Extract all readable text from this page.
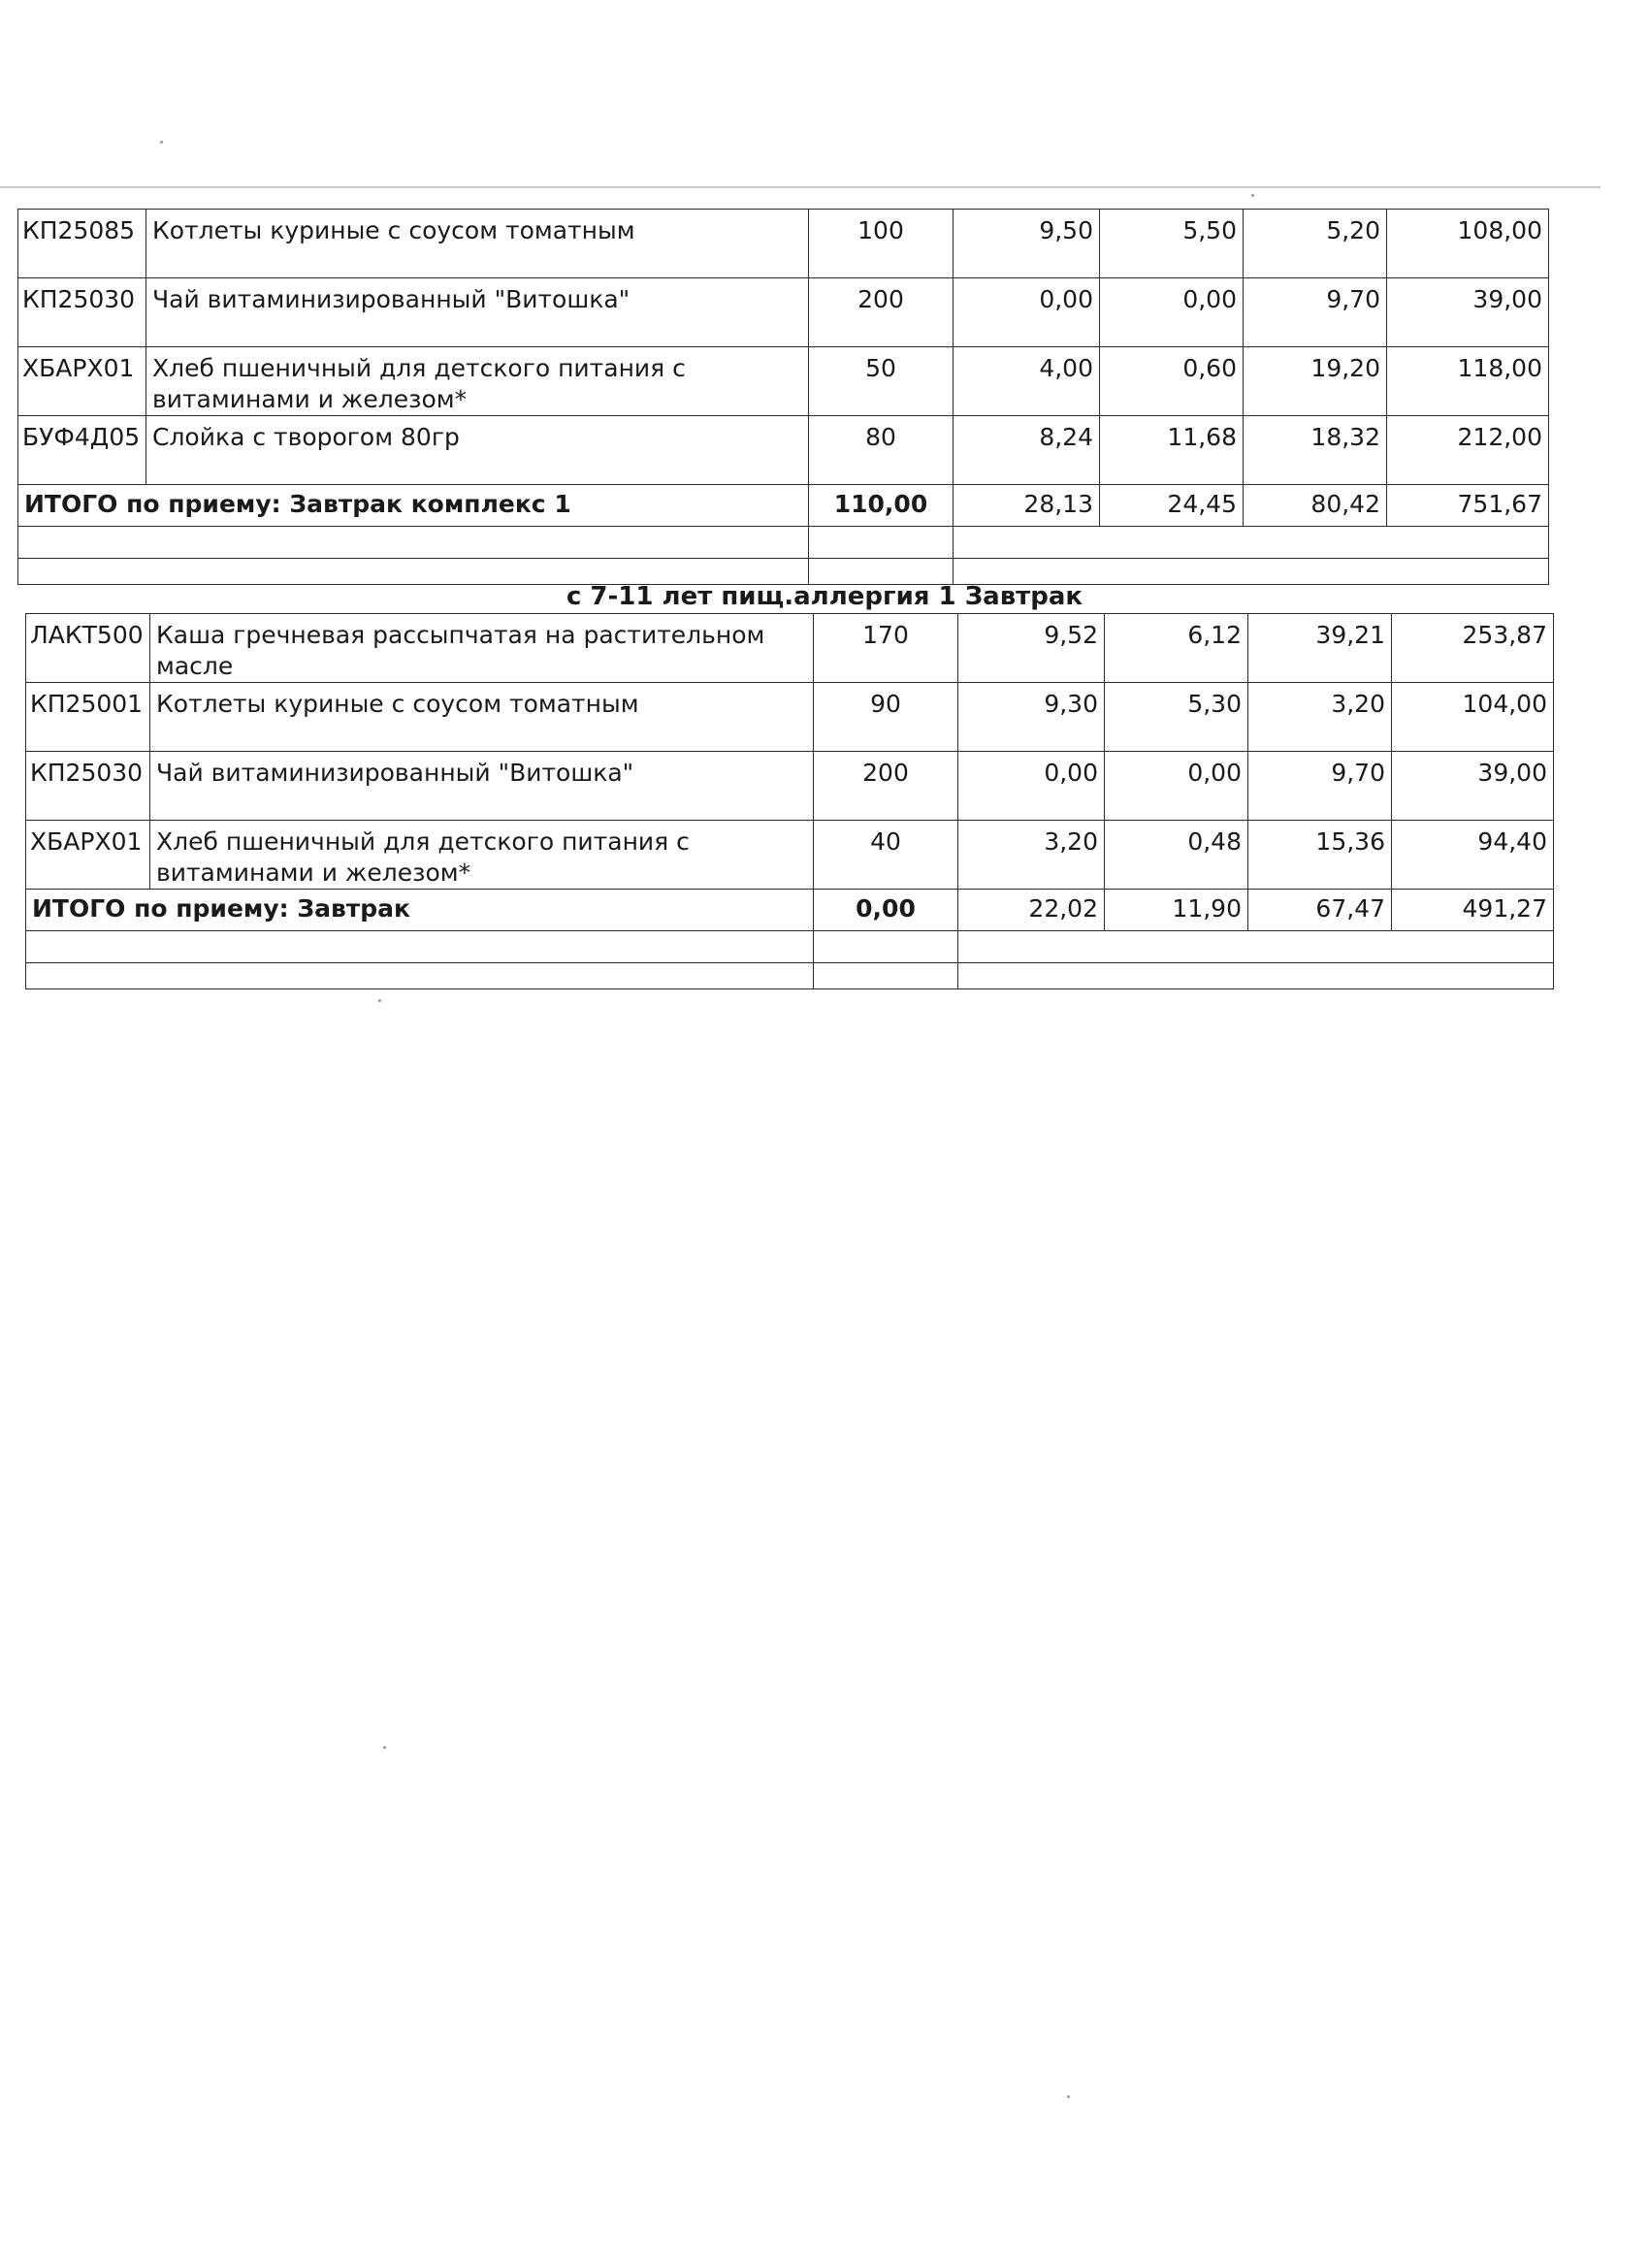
КП25085	Котлеты куриные с соусом томатным	100	9,50	5,50	5,20	108,00
КП25030	Чай витаминизированный "Витошка"	200	0,00	0,00	9,70	39,00
ХБАРХ01	Хлеб пшеничный для детского питания с витаминами и железом*	50	4,00	0,60	19,20	118,00
БУФ4Д05	Слойка с творогом 80гр	80	8,24	11,68	18,32	212,00
ИТОГО по приему: Завтрак комплекс 1		110,00	28,13	24,45	80,42	751,67

с 7-11 лет пищ.аллергия 1 Завтрак
ЛАКТ500	Каша гречневая рассыпчатая на растительном масле	170	9,52	6,12	39,21	253,87
КП25001	Котлеты куриные с соусом томатным	90	9,30	5,30	3,20	104,00
КП25030	Чай витаминизированный "Витошка"	200	0,00	0,00	9,70	39,00
ХБАРХ01	Хлеб пшеничный для детского питания с витаминами и железом*	40	3,20	0,48	15,36	94,40
ИТОГО по приему: Завтрак		0,00	22,02	11,90	67,47	491,27
